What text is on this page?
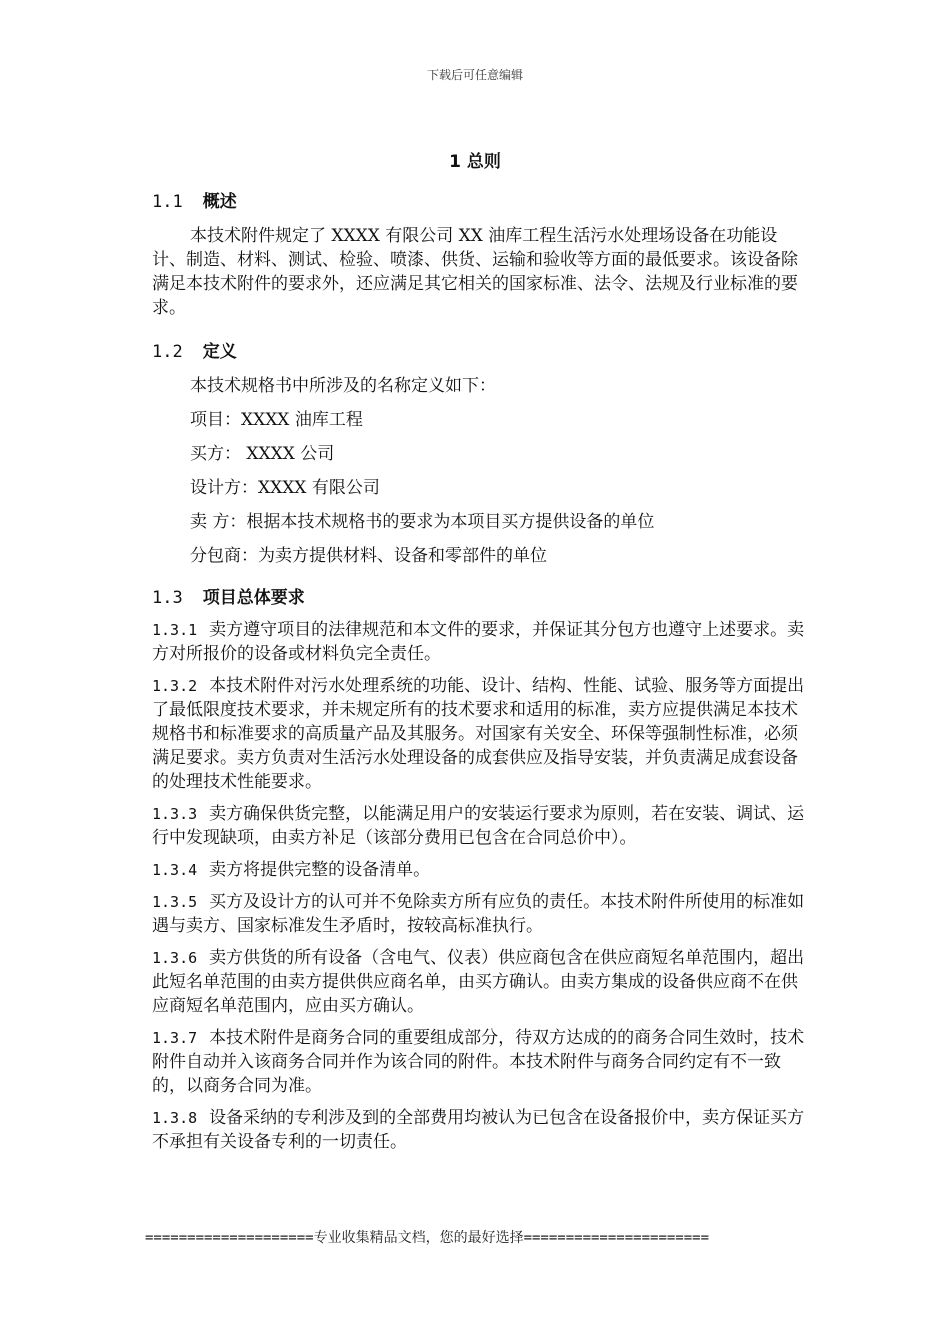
下载后可任意编辑
1 总则
1.1 概述

本技术附件规定了 XXXX 有限公司 XX 油库工程生活污水处理场设备在功能设计、制造、材料、测试、检验、喷漆、供货、运输和验收等方面的最低要求。该设备除满足本技术附件的要求外，还应满足其它相关的国家标准、法令、法规及行业标准的要求。

1.2 定义

本技术规格书中所涉及的名称定义如下：

项目：XXXX 油库工程

买方： XXXX 公司

设计方：XXXX 有限公司

卖 方：根据本技术规格书的要求为本项目买方提供设备的单位

分包商：为卖方提供材料、设备和零部件的单位

1.3 项目总体要求

1.3.1 卖方遵守项目的法律规范和本文件的要求，并保证其分包方也遵守上述要求。卖方对所报价的设备或材料负完全责任。

1.3.2 本技术附件对污水处理系统的功能、设计、结构、性能、试验、服务等方面提出了最低限度技术要求，并未规定所有的技术要求和适用的标准，卖方应提供满足本技术规格书和标准要求的高质量产品及其服务。对国家有关安全、环保等强制性标准，必须满足要求。卖方负责对生活污水处理设备的成套供应及指导安装，并负责满足成套设备的处理技术性能要求。

1.3.3 卖方确保供货完整，以能满足用户的安装运行要求为原则，若在安装、调试、运行中发现缺项，由卖方补足（该部分费用已包含在合同总价中）。

1.3.4 卖方将提供完整的设备清单。

1.3.5 买方及设计方的认可并不免除卖方所有应负的责任。本技术附件所使用的标准如遇与卖方、国家标准发生矛盾时，按较高标准执行。

1.3.6 卖方供货的所有设备（含电气、仪表）供应商包含在供应商短名单范围内，超出此短名单范围的由卖方提供供应商名单，由买方确认。由卖方集成的设备供应商不在供应商短名单范围内，应由买方确认。

1.3.7 本技术附件是商务合同的重要组成部分，待双方达成的的商务合同生效时，技术附件自动并入该商务合同并作为该合同的附件。本技术附件与商务合同约定有不一致的，以商务合同为准。

1.3.8 设备采纳的专利涉及到的全部费用均被认为已包含在设备报价中，卖方保证买方不承担有关设备专利的一切责任。

====================专业收集精品文档，您的最好选择======================
